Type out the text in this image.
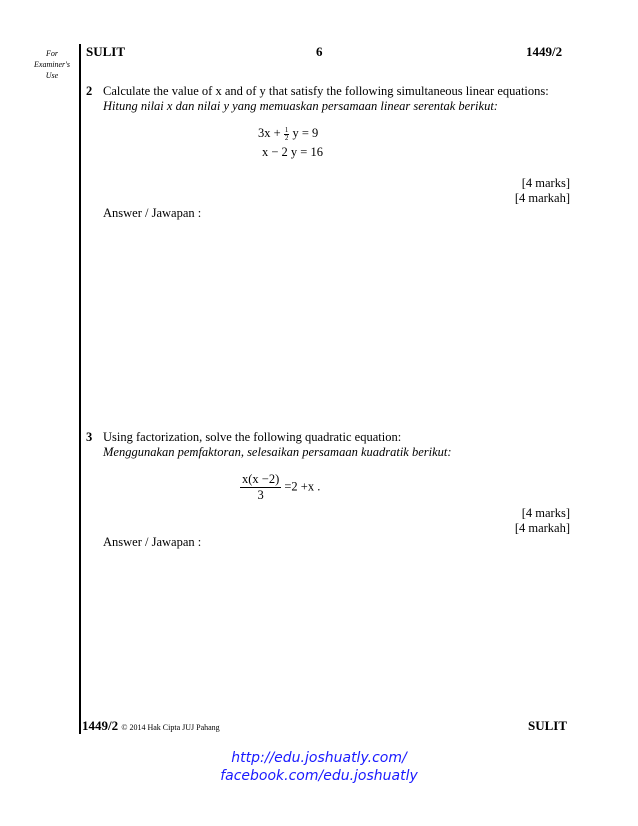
For
Examiner's
Use
SULIT	6	1449/2
2 Calculate the value of x and of y that satisfy the following simultaneous linear equations:
Hitung nilai x dan nilai y yang memuaskan persamaan linear serentak berikut:
$3x + \frac{1}{2}$ y = 9
x − 2 y = 16
[4 marks]
[4 markah]
Answer / Jawapan :
3 Using factorization, solve the following quadratic equation:
Menggunakan pemfaktoran, selesaikan persamaan kuadratik berikut:
$\frac{x(x -2)}{3} =2 +x$ .
[4 marks]
[4 markah]
Answer / Jawapan :
1449/2 © 2014 Hak Cipta JUJ Pahang	SULIT
http://edu.joshuatly.com/
facebook.com/edu.joshuatly
